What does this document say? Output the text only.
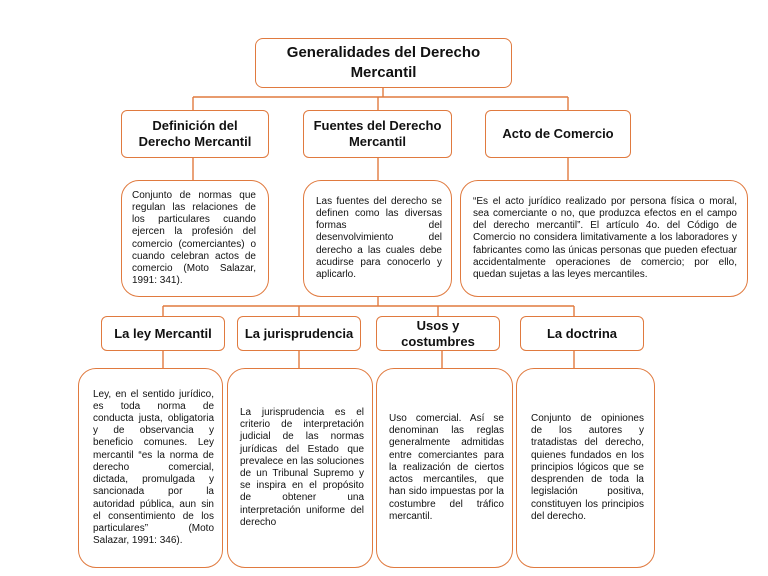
Generalidades del Derecho Mercantil
Definición del Derecho Mercantil
Fuentes del Derecho Mercantil
Acto de Comercio
Conjunto de normas que regulan las relaciones de los particulares cuando ejercen la profesión del comercio (comerciantes) o cuando celebran actos de comercio (Moto Salazar, 1991: 341).
Las fuentes del derecho se definen como las diversas formas del desenvolvimiento del derecho a las cuales debe acudirse para conocerlo y aplicarlo.
“Es el acto jurídico realizado por persona física o moral, sea comerciante o no, que produzca efectos en el campo del derecho mercantil”. El artículo 4o. del Código de Comercio no considera limitativamente a los laboradores y fabricantes como las únicas personas que pueden efectuar accidentalmente operaciones de comercio; por ello, quedan sujetas a las leyes mercantiles.
La ley Mercantil	La jurisprudencia
Usos y costumbres
La doctrina
Ley, en el sentido jurídico, es toda norma de conducta justa, obligatoria y de observancia y beneficio comunes. Ley mercantil “es la norma de derecho comercial, dictada, promulgada y sancionada por la autoridad pública, aun sin el consentimiento de los particulares” (Moto Salazar, 1991: 346).
La jurisprudencia es el criterio de interpretación judicial de las normas jurídicas del Estado que prevalece en las soluciones de un Tribunal Supremo y se inspira en el propósito de obtener una interpretación uniforme del derecho
Uso comercial. Así se denominan las reglas generalmente admitidas entre comerciantes para la realización de ciertos actos mercantiles, que han sido impuestas por la costumbre del tráfico mercantil.
Conjunto de opiniones de los autores y tratadistas del derecho, quienes fundados en los principios lógicos que se desprenden de toda la legislación positiva, constituyen los principios del derecho.
